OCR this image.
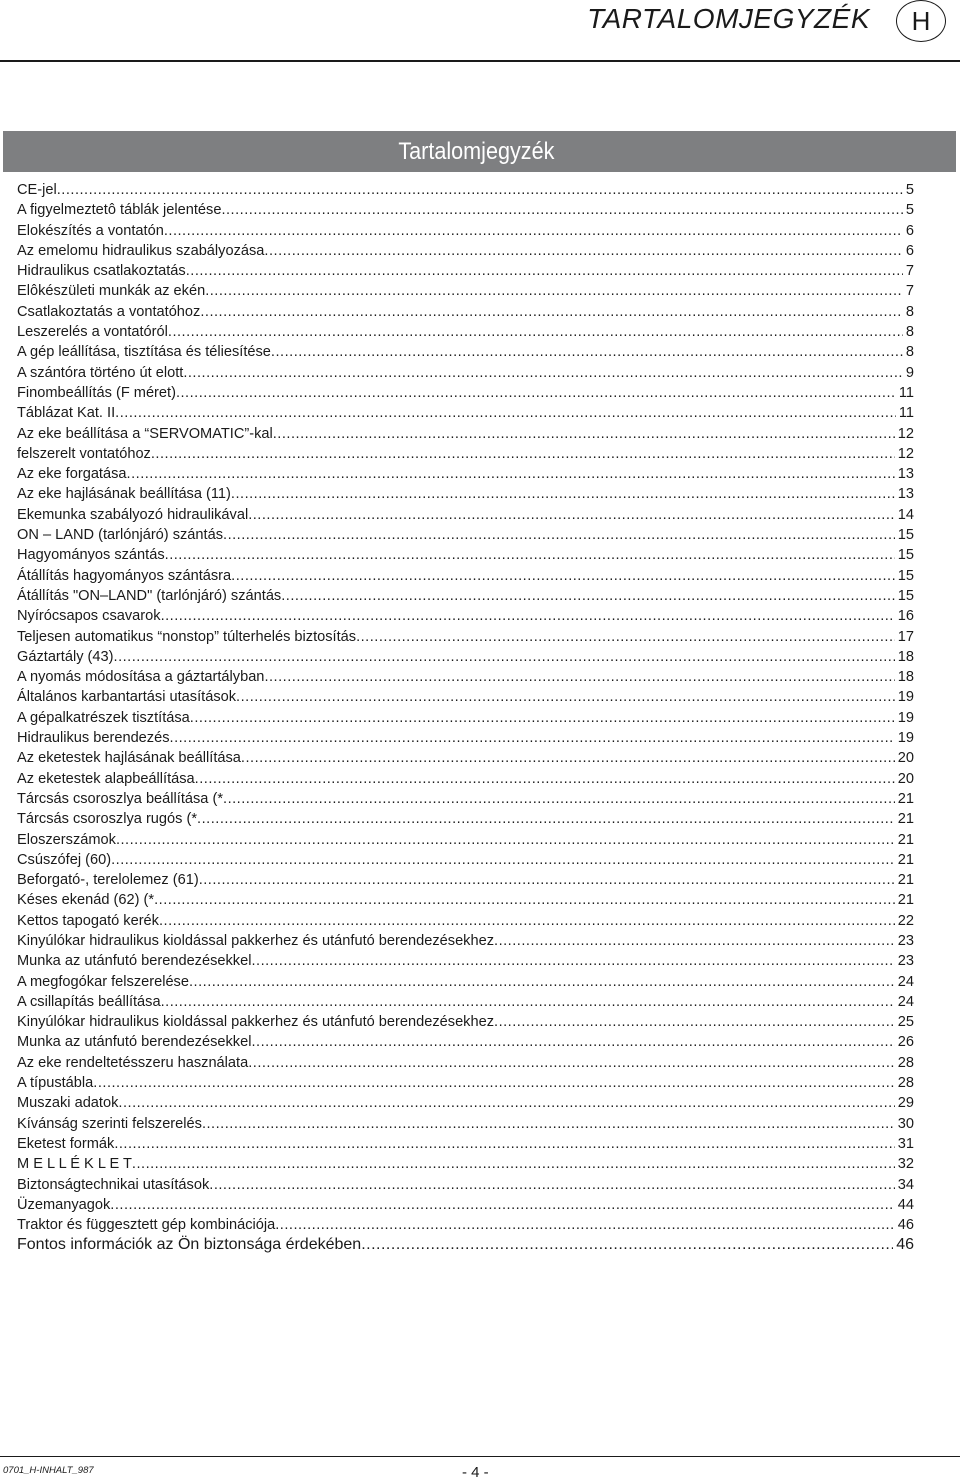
TARTALOMJEGYZÉK	H
Tartalomjegyzék
CE-jel .....	5
A figyelmeztetô táblák jelentése .....	5
Elokészítés a vontatón .....	6
Az emelomu hidraulikus szabályozása .....	6
Hidraulikus csatlakoztatás .....	7
Elôkészületi munkák az ekén .....	7
Csatlakoztatás a vontatóhoz .....	8
Leszerelés a vontatóról .....	8
A gép leállítása, tisztítása és téliesítése .....	8
A szántóra történo út elott .....	9
Finombeállítás (F méret) .....	11
Táblázat Kat. II .....	11
Az eke beállítása a “SERVOMATIC”-kal .....	12
felszerelt vontatóhoz .....	12
Az eke forgatása .....	13
Az eke hajlásának beállítása (11) .....	13
Ekemunka szabályozó hidraulikával .....	14
ON – LAND (tarlónjáró) szántás .....	15
Hagyományos szántás .....	15
Átállítás hagyományos szántásra .....	15
Átállítás "ON–LAND" (tarlónjáró) szántás .....	15
Nyírócsapos csavarok .....	16
Teljesen automatikus “nonstop” túlterhelés biztosítás .....	17
Gáztartály (43) .....	18
A nyomás módosítása a gáztartályban .....	18
Általános karbantartási utasítások .....	19
A gépalkatrészek tisztítása .....	19
Hidraulikus berendezés .....	19
Az eketestek hajlásának beállítása .....	20
Az eketestek alapbeállítása .....	20
Tárcsás csoroszlya beállítása (* .....	21
Tárcsás csoroszlya rugós (* .....	21
Eloszerszámok .....	21
Csúszófej (60) .....	21
Beforgató-, terelolemez (61) .....	21
Késes ekenád (62) (* .....	21
Kettos tapogató kerék .....	22
Kinyúlókar hidraulikus kioldással pakkerhez és utánfutó berendezésekhez .....	23
Munka az utánfutó berendezésekkel .....	23
A megfogókar felszerelése .....	24
A csillapítás beállítása .....	24
Kinyúlókar hidraulikus kioldással pakkerhez és utánfutó berendezésekhez .....	25
Munka az utánfutó berendezésekkel .....	26
Az eke rendeltetésszeru használata .....	28
A típustábla .....	28
Muszaki adatok .....	29
Kívánság szerinti felszerelés .....	30
Eketest formák .....	31
M E L L É K L E T .....	32
Biztonságtechnikai utasítások .....	34
Üzemanyagok .....	44
Traktor és függesztett gép kombinációja .....	46
Fontos információk az Ön biztonsága érdekében .....	46
0701_H-INHALT_987	- 4 -
